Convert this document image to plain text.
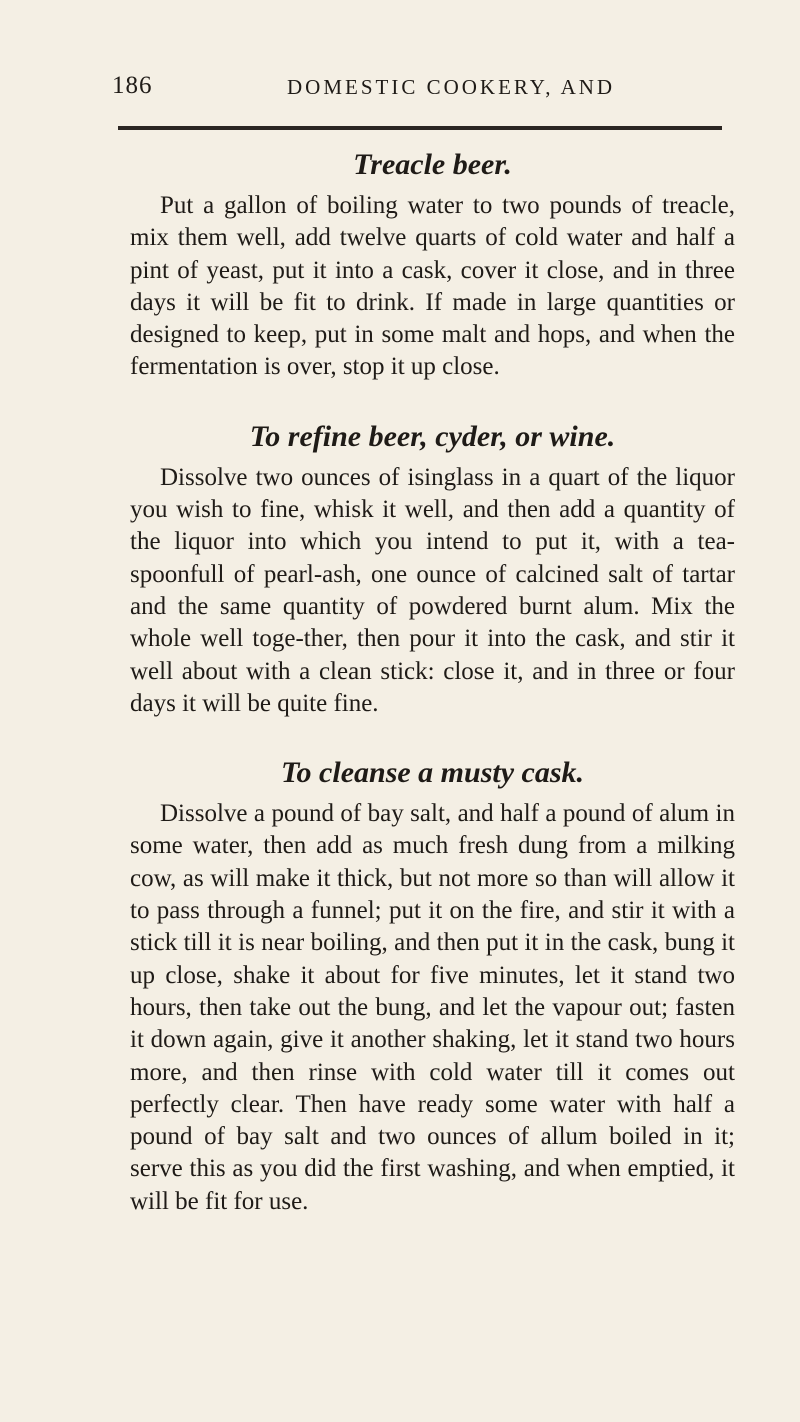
186	DOMESTIC COOKERY, AND
Treacle beer.

Put a gallon of boiling water to two pounds of treacle, mix them well, add twelve quarts of cold water and half a pint of yeast, put it into a cask, cover it close, and in three days it will be fit to drink. If made in large quantities or designed to keep, put in some malt and hops, and when the fermentation is over, stop it up close.

To refine beer, cyder, or wine.

Dissolve two ounces of isinglass in a quart of the liquor you wish to fine, whisk it well, and then add a quantity of the liquor into which you intend to put it, with a tea-spoonfull of pearl-ash, one ounce of calcined salt of tartar and the same quantity of powdered burnt alum. Mix the whole well toge-ther, then pour it into the cask, and stir it well about with a clean stick: close it, and in three or four days it will be quite fine.

To cleanse a musty cask.

Dissolve a pound of bay salt, and half a pound of alum in some water, then add as much fresh dung from a milking cow, as will make it thick, but not more so than will allow it to pass through a funnel; put it on the fire, and stir it with a stick till it is near boiling, and then put it in the cask, bung it up close, shake it about for five minutes, let it stand two hours, then take out the bung, and let the vapour out; fasten it down again, give it another shaking, let it stand two hours more, and then rinse with cold water till it comes out perfectly clear. Then have ready some water with half a pound of bay salt and two ounces of allum boiled in it; serve this as you did the first washing, and when emptied, it will be fit for use.
